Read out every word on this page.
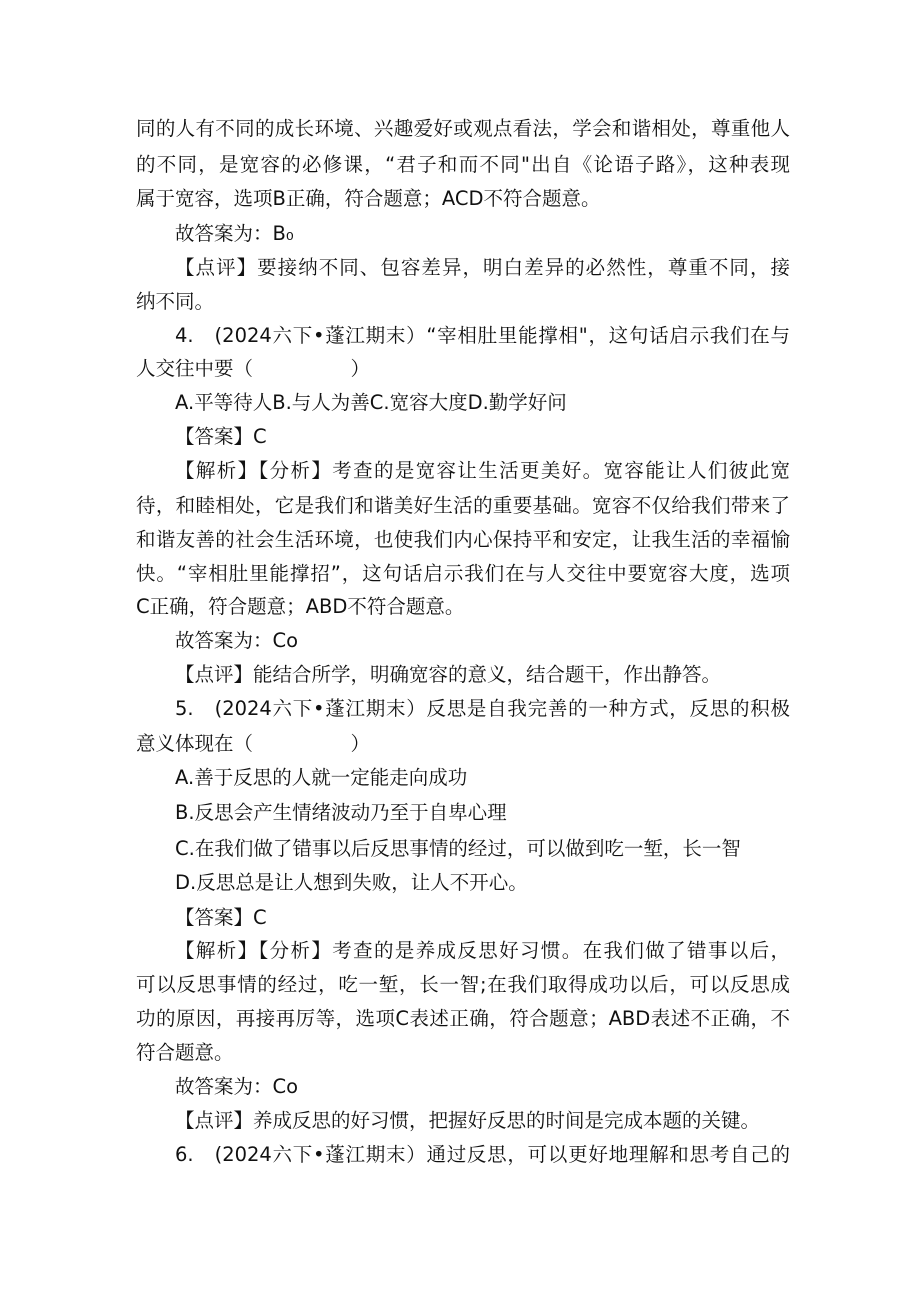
同的人有不同的成长环境、兴趣爱好或观点看法，学会和谐相处，尊重他人

的不同，是宽容的必修课，“君子和而不同"出自《论语子路》，这种表现

属于宽容，选项B正确，符合题意；ACD不符合题意。

故答案为：B₀

【点评】要接纳不同、包容差异，明白差异的必然性，尊重不同，接

纳不同。

4.　(2024六下•蓬江期末）“宰相肚里能撑相"，这句话启示我们在与

人交往中要（　　　　　）

A.平等待人B.与人为善C.宽容大度D.勤学好问

【答案】C

【解析】【分析】考查的是宽容让生活更美好。宽容能让人们彼此宽

待，和睦相处，它是我们和谐美好生活的重要基础。宽容不仅给我们带来了

和谐友善的社会生活环境，也使我们内心保持平和安定，让我生活的幸福愉

快。“宰相肚里能撑招”，这句话启示我们在与人交往中要宽容大度，选项

C正确，符合题意；ABD不符合题意。

故答案为：Co

【点评】能结合所学，明确宽容的意义，结合题干，作出静答。

5.　(2024六下•蓬江期末）反思是自我完善的一种方式，反思的积极

意义体现在（　　　　　）

A.善于反思的人就一定能走向成功

B.反思会产生情绪波动乃至于自卑心理

C.在我们做了错事以后反思事情的经过，可以做到吃一堑，长一智

D.反思总是让人想到失败，让人不开心。

【答案】C

【解析】【分析】考查的是养成反思好习惯。在我们做了错事以后，

可以反思事情的经过，吃一堑，长一智;在我们取得成功以后，可以反思成

功的原因，再接再厉等，选项C表述正确，符合题意；ABD表述不正确，不

符合题意。

故答案为：Co

【点评】养成反思的好习惯，把握好反思的时间是完成本题的关键。

6.　(2024六下•蓬江期末）通过反思，可以更好地理解和思考自己的
